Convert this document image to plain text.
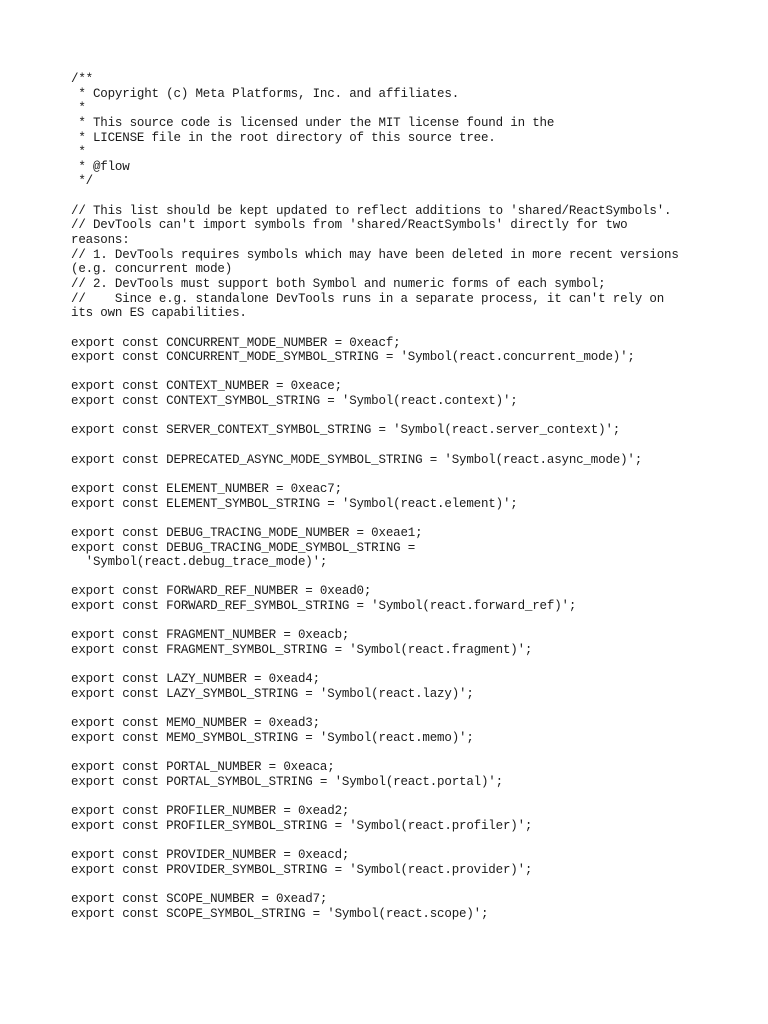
/**
* Copyright (c) Meta Platforms, Inc. and affiliates.
*
* This source code is licensed under the MIT license found in the
* LICENSE file in the root directory of this source tree.
*
* @flow
*/
// This list should be kept updated to reflect additions to 'shared/ReactSymbols'.
// DevTools can't import symbols from 'shared/ReactSymbols' directly for two
reasons:
// 1. DevTools requires symbols which may have been deleted in more recent versions
(e.g. concurrent mode)
// 2. DevTools must support both Symbol and numeric forms of each symbol;
//    Since e.g. standalone DevTools runs in a separate process, it can't rely on
its own ES capabilities.
export const CONCURRENT_MODE_NUMBER = 0xeacf;
export const CONCURRENT_MODE_SYMBOL_STRING = 'Symbol(react.concurrent_mode)';
export const CONTEXT_NUMBER = 0xeace;
export const CONTEXT_SYMBOL_STRING = 'Symbol(react.context)';
export const SERVER_CONTEXT_SYMBOL_STRING = 'Symbol(react.server_context)';
export const DEPRECATED_ASYNC_MODE_SYMBOL_STRING = 'Symbol(react.async_mode)';
export const ELEMENT_NUMBER = 0xeac7;
export const ELEMENT_SYMBOL_STRING = 'Symbol(react.element)';
export const DEBUG_TRACING_MODE_NUMBER = 0xeae1;
export const DEBUG_TRACING_MODE_SYMBOL_STRING =
'Symbol(react.debug_trace_mode)';
export const FORWARD_REF_NUMBER = 0xead0;
export const FORWARD_REF_SYMBOL_STRING = 'Symbol(react.forward_ref)';
export const FRAGMENT_NUMBER = 0xeacb;
export const FRAGMENT_SYMBOL_STRING = 'Symbol(react.fragment)';
export const LAZY_NUMBER = 0xead4;
export const LAZY_SYMBOL_STRING = 'Symbol(react.lazy)';
export const MEMO_NUMBER = 0xead3;
export const MEMO_SYMBOL_STRING = 'Symbol(react.memo)';
export const PORTAL_NUMBER = 0xeaca;
export const PORTAL_SYMBOL_STRING = 'Symbol(react.portal)';
export const PROFILER_NUMBER = 0xead2;
export const PROFILER_SYMBOL_STRING = 'Symbol(react.profiler)';
export const PROVIDER_NUMBER = 0xeacd;
export const PROVIDER_SYMBOL_STRING = 'Symbol(react.provider)';
export const SCOPE_NUMBER = 0xead7;
export const SCOPE_SYMBOL_STRING = 'Symbol(react.scope)';
